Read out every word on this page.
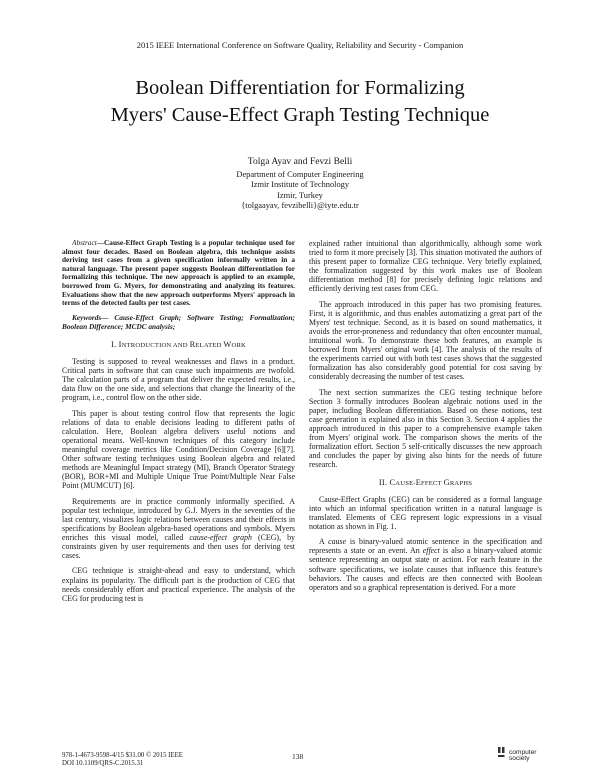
2015 IEEE International Conference on Software Quality, Reliability and Security - Companion
Boolean Differentiation for Formalizing
Myers' Cause-Effect Graph Testing Technique
Tolga Ayav and Fevzi Belli
Department of Computer Engineering
Izmir Institute of Technology
Izmir, Turkey
{tolgaayav, fevzibelli}@iyte.edu.tr

Abstract—Cause-Effect Graph Testing is a popular technique used for almost four decades. Based on Boolean algebra, this technique assists deriving test cases from a given specification informally written in a natural language. The present paper suggests Boolean differentiation for formalizing this technique. The new approach is applied to an example, borrowed from G. Myers, for demonstrating and analyzing its features. Evaluations show that the new approach outperforms Myers' approach in terms of the detected faults per test cases.

Keywords— Cause-Effect Graph; Software Testing; Formalization; Boolean Difference; MCDC analysis;

I. INTRODUCTION AND RELATED WORK

Testing is supposed to reveal weaknesses and flaws in a product. Critical parts in software that can cause such impairments are twofold. The calculation parts of a program that deliver the expected results, i.e., data flow on the one side, and selections that change the linearity of the program, i.e., control flow on the other side.

This paper is about testing control flow that represents the logic relations of data to enable decisions leading to different paths of calculation. Here, Boolean algebra delivers useful notions and operational means. Well-known techniques of this category include meaningful coverage metrics like Condition/Decision Coverage [6][7]. Other software testing techniques using Boolean algebra and related methods are Meaningful Impact strategy (MI), Branch Operator Strategy (BOR), BOR+MI and Multiple Unique True Point/Multiple Near False Point (MUMCUT) [6].

Requirements are in practice commonly informally specified. A popular test technique, introduced by G.J. Myers in the seventies of the last century, visualizes logic relations between causes and their effects in specifications by Boolean algebra-based operations and symbols. Myers enriches this visual model, called cause-effect graph (CEG), by constraints given by user requirements and then uses for deriving test cases.

CEG technique is straight-ahead and easy to understand, which explains its popularity. The difficult part is the production of CEG that needs considerably effort and practical experience. The analysis of the CEG for producing test is

explained rather intuitional than algorithmically, although some work tried to form it more precisely [3]. This situation motivated the authors of this present paper to formalize CEG technique. Very briefly explained, the formalization suggested by this work makes use of Boolean differentiation method [8] for precisely defining logic relations and efficiently deriving test cases from CEG.

The approach introduced in this paper has two promising features. First, it is algorithmic, and thus enables automatizing a great part of the Myers' test technique. Second, as it is based on sound mathematics, it avoids the error-proneness and redundancy that often encounter manual, intuitional work. To demonstrate these both features, an example is borrowed from Myers' original work [4]. The analysis of the results of the experiments carried out with both test cases shows that the suggested formalization has also considerably good potential for cost saving by considerably decreasing the number of test cases.

The next section summarizes the CEG testing technique before Section 3 formally introduces Boolean algebraic notions used in the paper, including Boolean differentiation. Based on these notions, test case generation is explained also in this Section 3. Section 4 applies the approach introduced in this paper to a comprehensive example taken from Myers' original work. The comparison shows the merits of the formalization effort. Section 5 self-critically discusses the new approach and concludes the paper by giving also hints for the needs of future research.

II. CAUSE-EFFECT GRAPHS

Cause-Effect Graphs (CEG) can be considered as a formal language into which an informal specification written in a natural language is translated. Elements of CEG represent logic expressions in a visual notation as shown in Fig. 1.

A cause is binary-valued atomic sentence in the specification and represents a state or an event. An effect is also a binary-valued atomic sentence representing an output state or action. For each feature in the software specifications, we isolate causes that influence this feature's behaviors. The causes and effects are then connected with Boolean operators and so a graphical representation is derived. For a more

978-1-4673-9598-4/15 $31.00 © 2015 IEEE
DOI 10.1109/QRS-C.2015.31
138	computer
society
